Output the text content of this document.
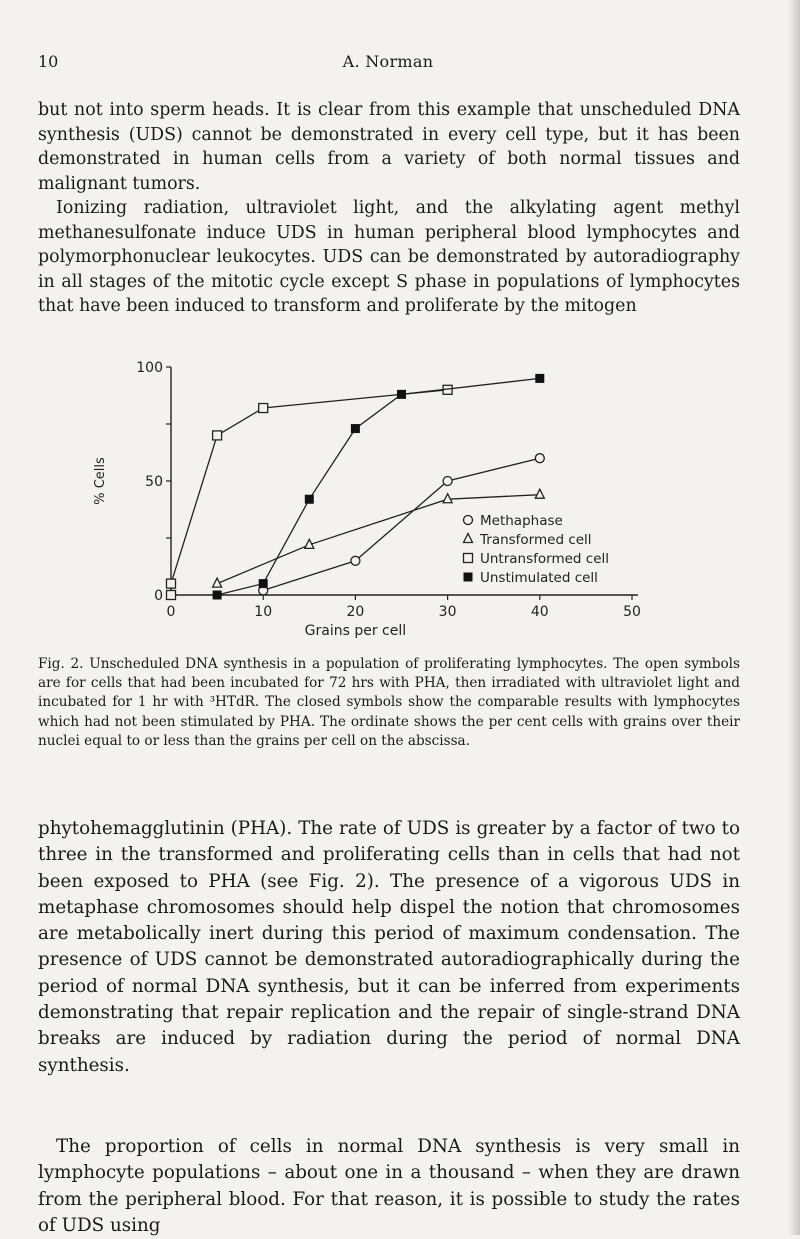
10	A. Norman

but not into sperm heads. It is clear from this example that unscheduled DNA synthesis (UDS) cannot be demonstrated in every cell type, but it has been demonstrated in human cells from a variety of both normal tissues and malignant tumors.

Ionizing radiation, ultraviolet light, and the alkylating agent methyl methanesulfonate induce UDS in human peripheral blood lymphocytes and polymorphonuclear leukocytes. UDS can be demonstrated by autoradiography in all stages of the mitotic cycle except S phase in populations of lymphocytes that have been induced to transform and proliferate by the mitogen

0	10	20	30	40	50
0
50
100
Grains per cell
% Cells
Methaphase
Transformed cell
Untransformed cell
Unstimulated cell
Fig. 2. Unscheduled DNA synthesis in a population of proliferating lymphocytes. The open symbols are for cells that had been incubated for 72 hrs with PHA, then irradiated with ultraviolet light and incubated for 1 hr with ³HTdR. The closed symbols show the comparable results with lymphocytes which had not been stimulated by PHA. The ordinate shows the per cent cells with grains over their nuclei equal to or less than the grains per cell on the abscissa.

phytohemagglutinin (PHA). The rate of UDS is greater by a factor of two to three in the transformed and proliferating cells than in cells that had not been exposed to PHA (see Fig. 2). The presence of a vigorous UDS in metaphase chromosomes should help dispel the notion that chromosomes are metabolically inert during this period of maximum condensation. The presence of UDS cannot be demonstrated autoradiographically during the period of normal DNA synthesis, but it can be inferred from experiments demonstrating that repair replication and the repair of single-strand DNA breaks are induced by radiation during the period of normal DNA synthesis.

The proportion of cells in normal DNA synthesis is very small in lymphocyte populations – about one in a thousand – when they are drawn from the peripheral blood. For that reason, it is possible to study the rates of UDS using
